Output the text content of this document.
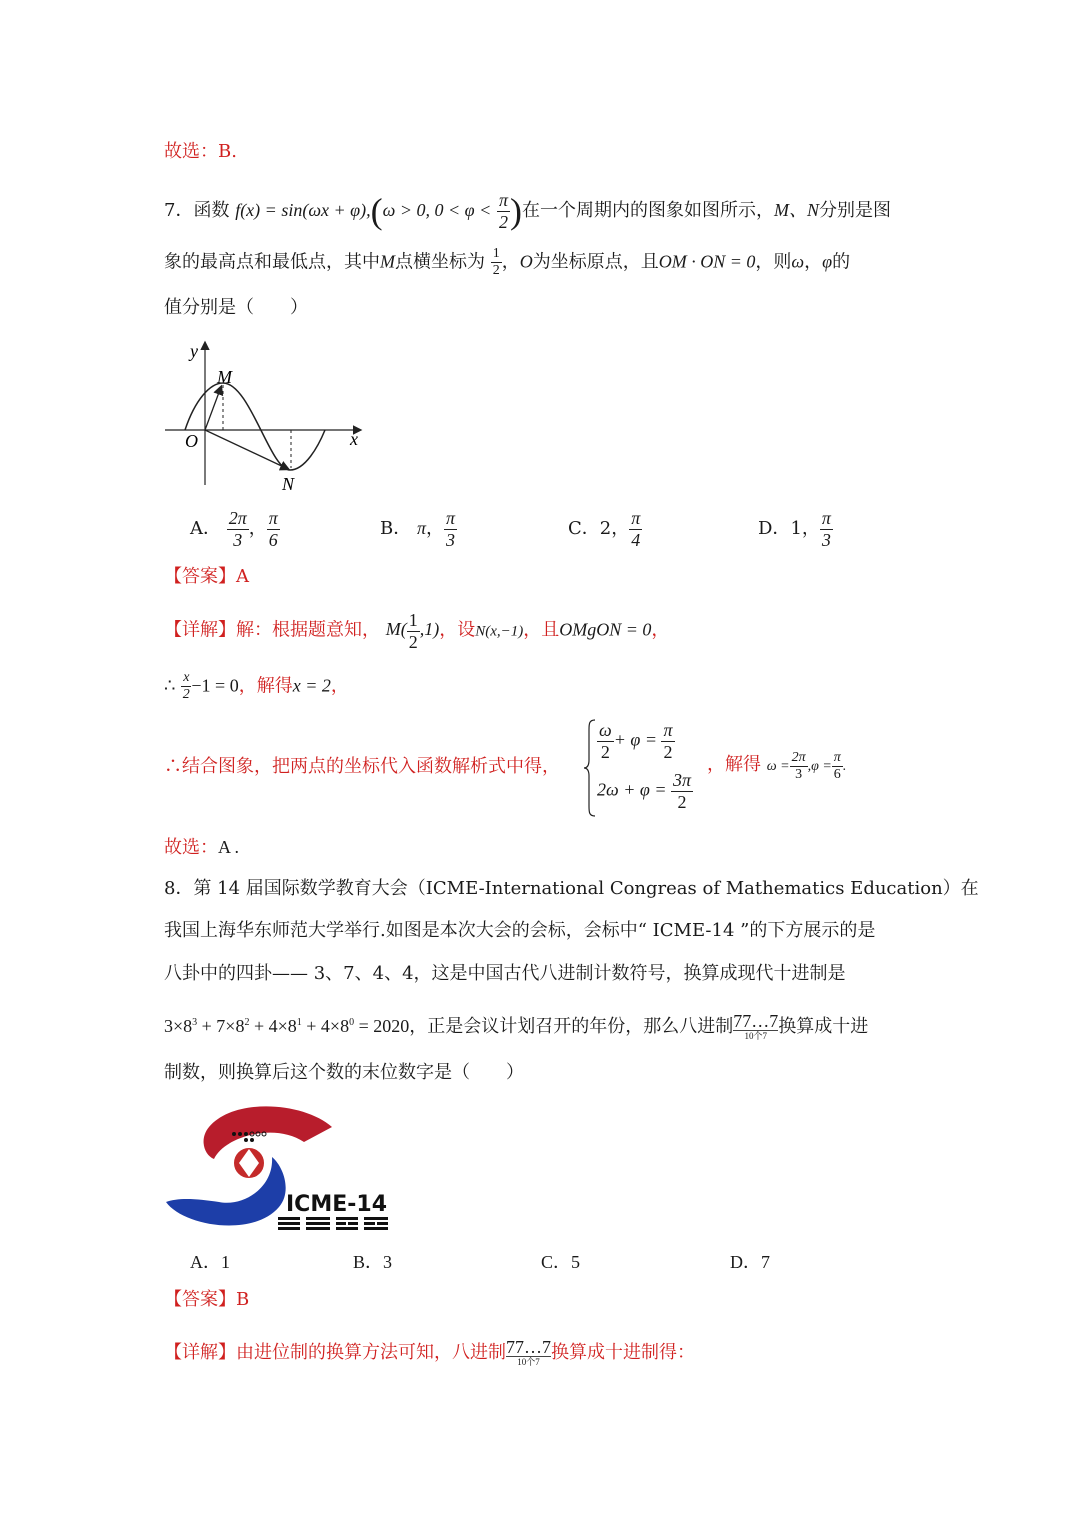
故选：B.
7．函数 f(x) = sin(ωx + φ),(ω > 0, $0 < \varphi < \frac{\pi}{2}$ )在一个周期内的图象如图所示，M、N分别是图
象的最高点和最低点，其中M点横坐标为 $\frac{1}{2}$ ，O为坐标原点，且OM · ON = 0，则ω，φ的
值分别是（　　）
y
x
M
O
N
A． $\frac{2\pi}{3}$ ， $\frac{\pi}{6}$	B． π， $\frac{\pi}{3}$	C．2， $\frac{\pi}{4}$	D．1， $\frac{\pi}{3}$
【答案】A
【详解】解：根据题意知， $M( \frac{1}{2} ,1)$，设N(x,−1)，且OMgON = 0，
∴ $\frac{x}{2} -1 = 0$，解得x = 2，
∴结合图象，把两点的坐标代入函数解析式中得，
$\frac{\omega}{2} + \varphi = \frac{\pi}{2}$
$2\omega + \varphi = \frac{3\pi}{2}$
，解得 $\omega = \frac{2\pi}{3} ,\varphi = \frac{\pi}{6}$ .
故选：A .
8．第 14 届国际数学教育大会（ICME-International Congreas of Mathematics Education）在
我国上海华东师范大学举行.如图是本次大会的会标，会标中“ ICME-14 ”的下方展示的是
八卦中的四卦—— 3、7、4、4，这是中国古代八进制计数符号，换算成现代十进制是
$3\times 8^3 + 7\times 8^2 + 4\times 8^1 + 4\times 8^0 = 2020$，正是会议计划召开的年份，那么八进制 77…7
10个7 换算成十进
制数，则换算后这个数的末位数字是（　　）
ICME-14
A．1	B．3	C．5	D．7
【答案】B
【详解】由进位制的换算方法可知，八进制 77…7
10个7 换算成十进制得：
